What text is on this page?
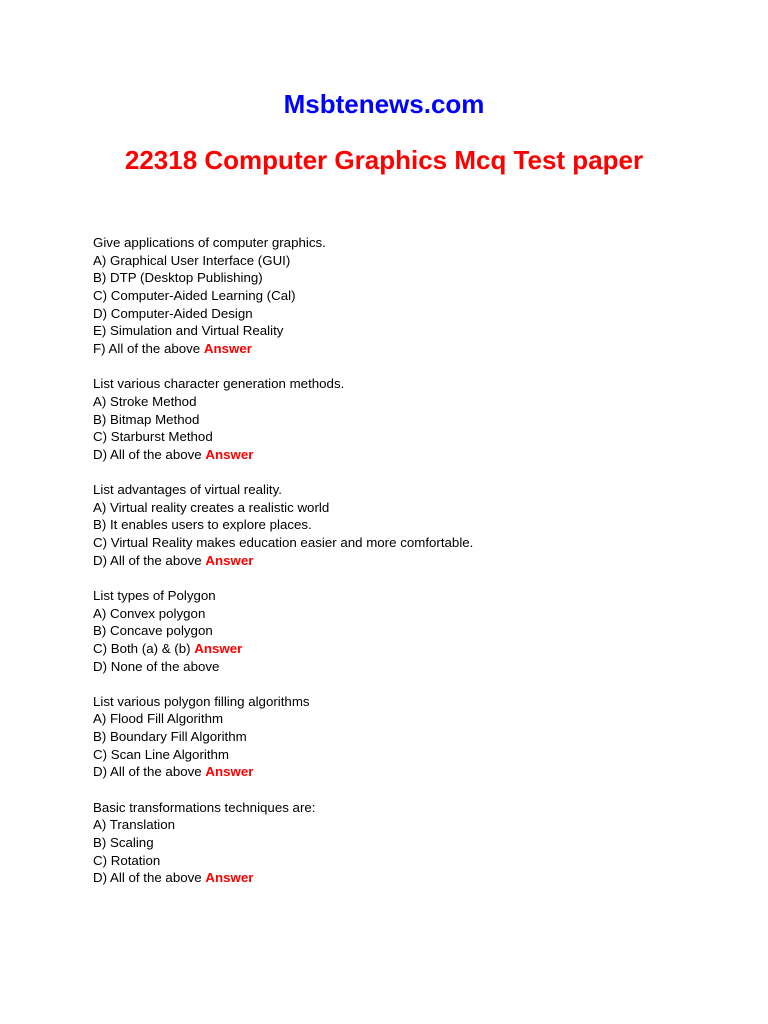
Msbtenews.com
22318 Computer Graphics Mcq Test paper
Give applications of computer graphics.
A) Graphical User Interface (GUI)
B) DTP (Desktop Publishing)
C) Computer-Aided Learning (Cal)
D) Computer-Aided Design
E) Simulation and Virtual Reality
F) All of the above Answer
List various character generation methods.
A) Stroke Method
B) Bitmap Method
C) Starburst Method
D) All of the above Answer
List advantages of virtual reality.
A) Virtual reality creates a realistic world
B) It enables users to explore places.
C) Virtual Reality makes education easier and more comfortable.
D) All of the above Answer
List types of Polygon
A) Convex polygon
B) Concave polygon
C) Both (a) & (b) Answer
D) None of the above
List various polygon filling algorithms
A) Flood Fill Algorithm
B) Boundary Fill Algorithm
C) Scan Line Algorithm
D) All of the above Answer
Basic transformations techniques are:
A) Translation
B) Scaling
C) Rotation
D) All of the above Answer
